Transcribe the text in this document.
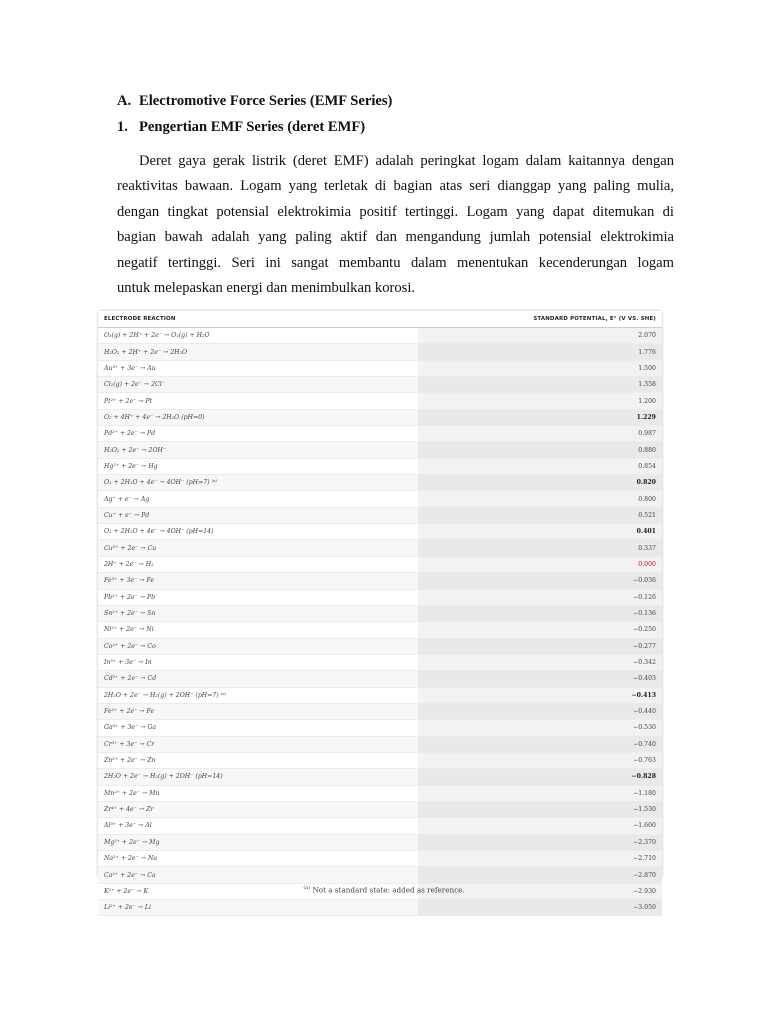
A. Electromotive Force Series (EMF Series)
1. Pengertian EMF Series (deret EMF)
Deret gaya gerak listrik (deret EMF) adalah peringkat logam dalam kaitannya dengan
reaktivitas bawaan. Logam yang terletak di bagian atas seri dianggap yang paling mulia,
dengan tingkat potensial elektrokimia positif tertinggi. Logam yang dapat ditemukan di
bagian bawah adalah yang paling aktif dan mengandung jumlah potensial elektrokimia
negatif tertinggi. Seri ini sangat membantu dalam menentukan kecenderungan logam
untuk melepaskan energi dan menimbulkan korosi.
ELECTRODE REACTION	STANDARD POTENTIAL, E° (V VS. SHE)
O₃(g) + 2H⁺ + 2e⁻ → O₂(g) + H₂O	2.070
H₂O₂ + 2H⁺ + 2e⁻ → 2H₂O	1.776
Au³⁺ + 3e⁻ → Au	1.500
Cl₂(g) + 2e⁻ → 2Cl⁻	1.358
Pt²⁺ + 2e⁻ → Pt	1.200
O₂ + 4H⁺ + 4e⁻ → 2H₂O (pH=0)	1.229
Pd²⁺ + 2e⁻ → Pd	0.987
H₂O₂ + 2e⁻ → 2OH⁻	0.880
Hg²⁺ + 2e⁻ → Hg	0.854
O₂ + 2H₂O + 4e⁻ → 4OH⁻ (pH=7) ⁽ᵃ⁾	0.820
Ag⁺ + e⁻ → Ag	0.800
Cu⁺ + e⁻ → Pd	0.521
O₂ + 2H₂O + 4e⁻ → 4OH⁻ (pH=14)	0.401
Cu²⁺ + 2e⁻ → Cu	0.337
2H⁺ + 2e⁻ → H₂	0.000
Fe³⁺ + 3e⁻ → Fe	−0.036
Pb²⁺ + 2e⁻ → Pb	−0.126
Sn²⁺ + 2e⁻ → Sn	−0.136
Ni²⁺ + 2e⁻ → Ni	−0.250
Co²⁺ + 2e⁻ → Co	−0.277
In³⁺ + 3e⁻ → In	−0.342
Cd²⁺ + 2e⁻ → Cd	−0.403
2H₂O + 2e⁻ → H₂(g) + 2OH⁻ (pH=7) ⁽ᵃ⁾	−0.413
Fe²⁺ + 2e⁻ → Fe	−0.440
Ga³⁺ + 3e⁻ → Ga	−0.530
Cr³⁺ + 3e⁻ → Cr	−0.740
Zn²⁺ + 2e⁻ → Zn	−0.763
2H₂O + 2e⁻ → H₂(g) + 2OH⁻ (pH=14)	−0.828
Mn²⁺ + 2e⁻ → Mn	−1.180
Zr⁴⁺ + 4e⁻ → Zr	−1.530
Al³⁺ + 3e⁻ → Al	−1.660
Mg²⁺ + 2e⁻ → Mg	−2.370
Na²⁺ + 2e⁻ → Na	−2.710
Ca²⁺ + 2e⁻ → Ca	−2.870
K²⁺ + 2e⁻ → K	−2.930
Li²⁺ + 2e⁻ → Li	−3.050
$^{(a)}$ Not a standard state: added as reference.
